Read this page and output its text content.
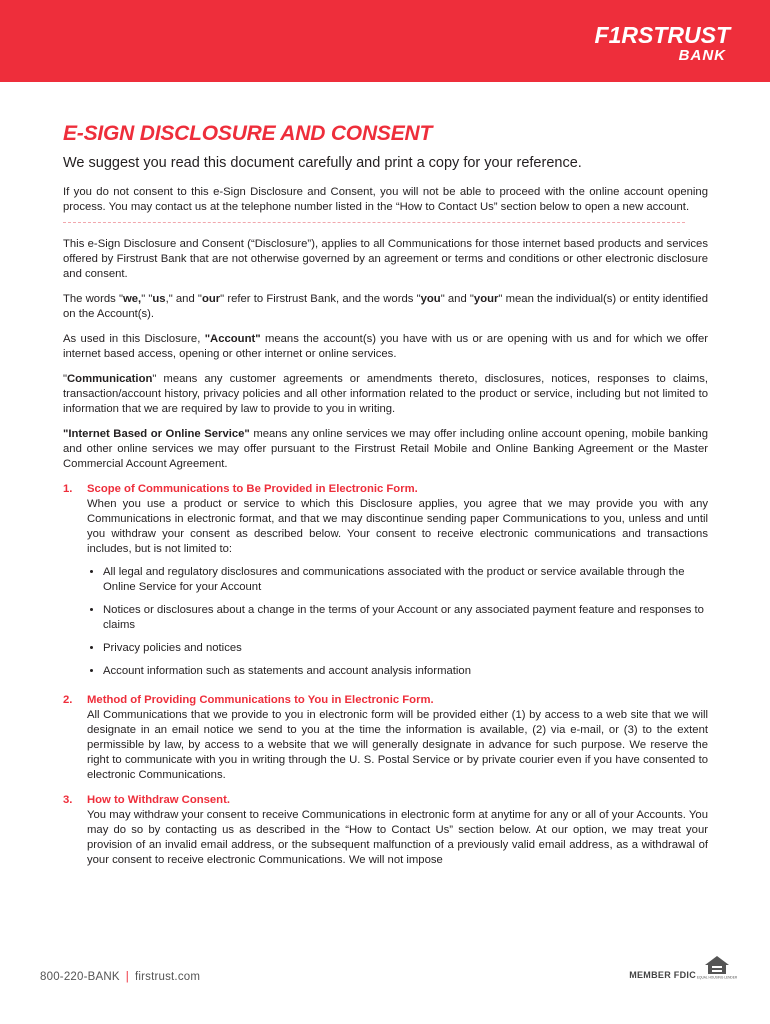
F1RSTRUST
BANK
E-SIGN DISCLOSURE AND CONSENT
We suggest you read this document carefully and print a copy for your reference.

If you do not consent to this e-Sign Disclosure and Consent, you will not be able to proceed with the online account opening process. You may contact us at the telephone number listed in the “How to Contact Us” section below to open a new account.

This e-Sign Disclosure and Consent (“Disclosure”), applies to all Communications for those internet based products and services offered by Firstrust Bank that are not otherwise governed by an agreement or terms and conditions or other electronic disclosure and consent.

The words "we," "us," and "our" refer to Firstrust Bank, and the words "you" and "your" mean the individual(s) or entity identified on the Account(s).

As used in this Disclosure, "Account" means the account(s) you have with us or are opening with us and for which we offer internet based access, opening or other internet or online services.

"Communication" means any customer agreements or amendments thereto, disclosures, notices, responses to claims, transaction/account history, privacy policies and all other information related to the product or service, including but not limited to information that we are required by law to provide to you in writing.

"Internet Based or Online Service" means any online services we may offer including online account opening, mobile banking and other online services we may offer pursuant to the Firstrust Retail Mobile and Online Banking Agreement or the Master Commercial Account Agreement.

1.	Scope of Communications to Be Provided in Electronic Form.
When you use a product or service to which this Disclosure applies, you agree that we may provide you with any Communications in electronic format, and that we may discontinue sending paper Communications to you, unless and until you withdraw your consent as described below. Your consent to receive electronic communications and transactions includes, but is not limited to:
• All legal and regulatory disclosures and communications associated with the product or service available through the Online Service for your Account
• Notices or disclosures about a change in the terms of your Account or any associated payment feature and responses to claims
• Privacy policies and notices
• Account information such as statements and account analysis information
2.	Method of Providing Communications to You in Electronic Form.
All Communications that we provide to you in electronic form will be provided either (1) by access to a web site that we will designate in an email notice we send to you at the time the information is available, (2) via e-mail, or (3) to the extent permissible by law, by access to a website that we will generally designate in advance for such purpose. We reserve the right to communicate with you in writing through the U. S. Postal Service or by private courier even if you have consented to electronic Communications.
3.	How to Withdraw Consent.
You may withdraw your consent to receive Communications in electronic form at anytime for any or all of your Accounts. You may do so by contacting us as described in the “How to Contact Us” section below. At our option, we may treat your provision of an invalid email address, or the subsequent malfunction of a previously valid email address, as a withdrawal of your consent to receive electronic Communications. We will not impose
800-220-BANK | firstrust.com	MEMBER FDIC EQUAL HOUSING LENDER
